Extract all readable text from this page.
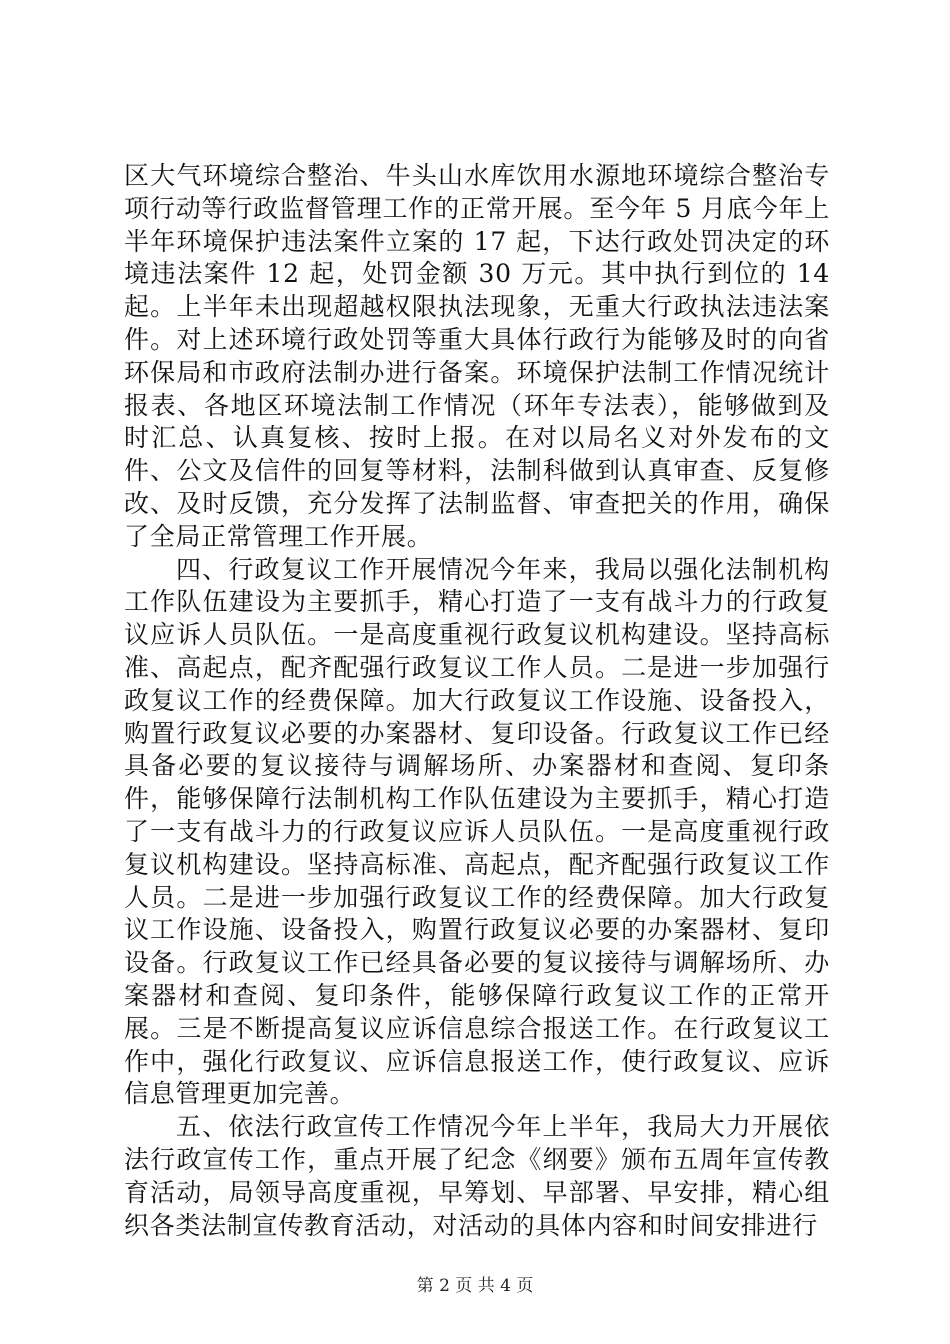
区大气环境综合整治、牛头山水库饮用水源地环境综合整治专项行动等行政监督管理工作的正常开展。至今年 5 月底今年上半年环境保护违法案件立案的 17 起，下达行政处罚决定的环境违法案件 12 起，处罚金额 30 万元。其中执行到位的 14 起。上半年未出现超越权限执法现象，无重大行政执法违法案件。对上述环境行政处罚等重大具体行政行为能够及时的向省环保局和市政府法制办进行备案。环境保护法制工作情况统计报表、各地区环境法制工作情况（环年专法表），能够做到及时汇总、认真复核、按时上报。在对以局名义对外发布的文件、公文及信件的回复等材料，法制科做到认真审查、反复修改、及时反馈，充分发挥了法制监督、审查把关的作用，确保了全局正常管理工作开展。

四、行政复议工作开展情况今年来，我局以强化法制机构工作队伍建设为主要抓手，精心打造了一支有战斗力的行政复议应诉人员队伍。一是高度重视行政复议机构建设。坚持高标准、高起点，配齐配强行政复议工作人员。二是进一步加强行政复议工作的经费保障。加大行政复议工作设施、设备投入，购置行政复议必要的办案器材、复印设备。行政复议工作已经具备必要的复议接待与调解场所、办案器材和查阅、复印条件，能够保障行法制机构工作队伍建设为主要抓手，精心打造了一支有战斗力的行政复议应诉人员队伍。一是高度重视行政复议机构建设。坚持高标准、高起点，配齐配强行政复议工作人员。二是进一步加强行政复议工作的经费保障。加大行政复议工作设施、设备投入，购置行政复议必要的办案器材、复印设备。行政复议工作已经具备必要的复议接待与调解场所、办案器材和查阅、复印条件，能够保障行政复议工作的正常开展。三是不断提高复议应诉信息综合报送工作。在行政复议工作中，强化行政复议、应诉信息报送工作，使行政复议、应诉信息管理更加完善。

五、依法行政宣传工作情况今年上半年，我局大力开展依法行政宣传工作，重点开展了纪念《纲要》颁布五周年宣传教育活动，局领导高度重视，早筹划、早部署、早安排，精心组织各类法制宣传教育活动，对活动的具体内容和时间安排进行

第 2 页 共 4 页
